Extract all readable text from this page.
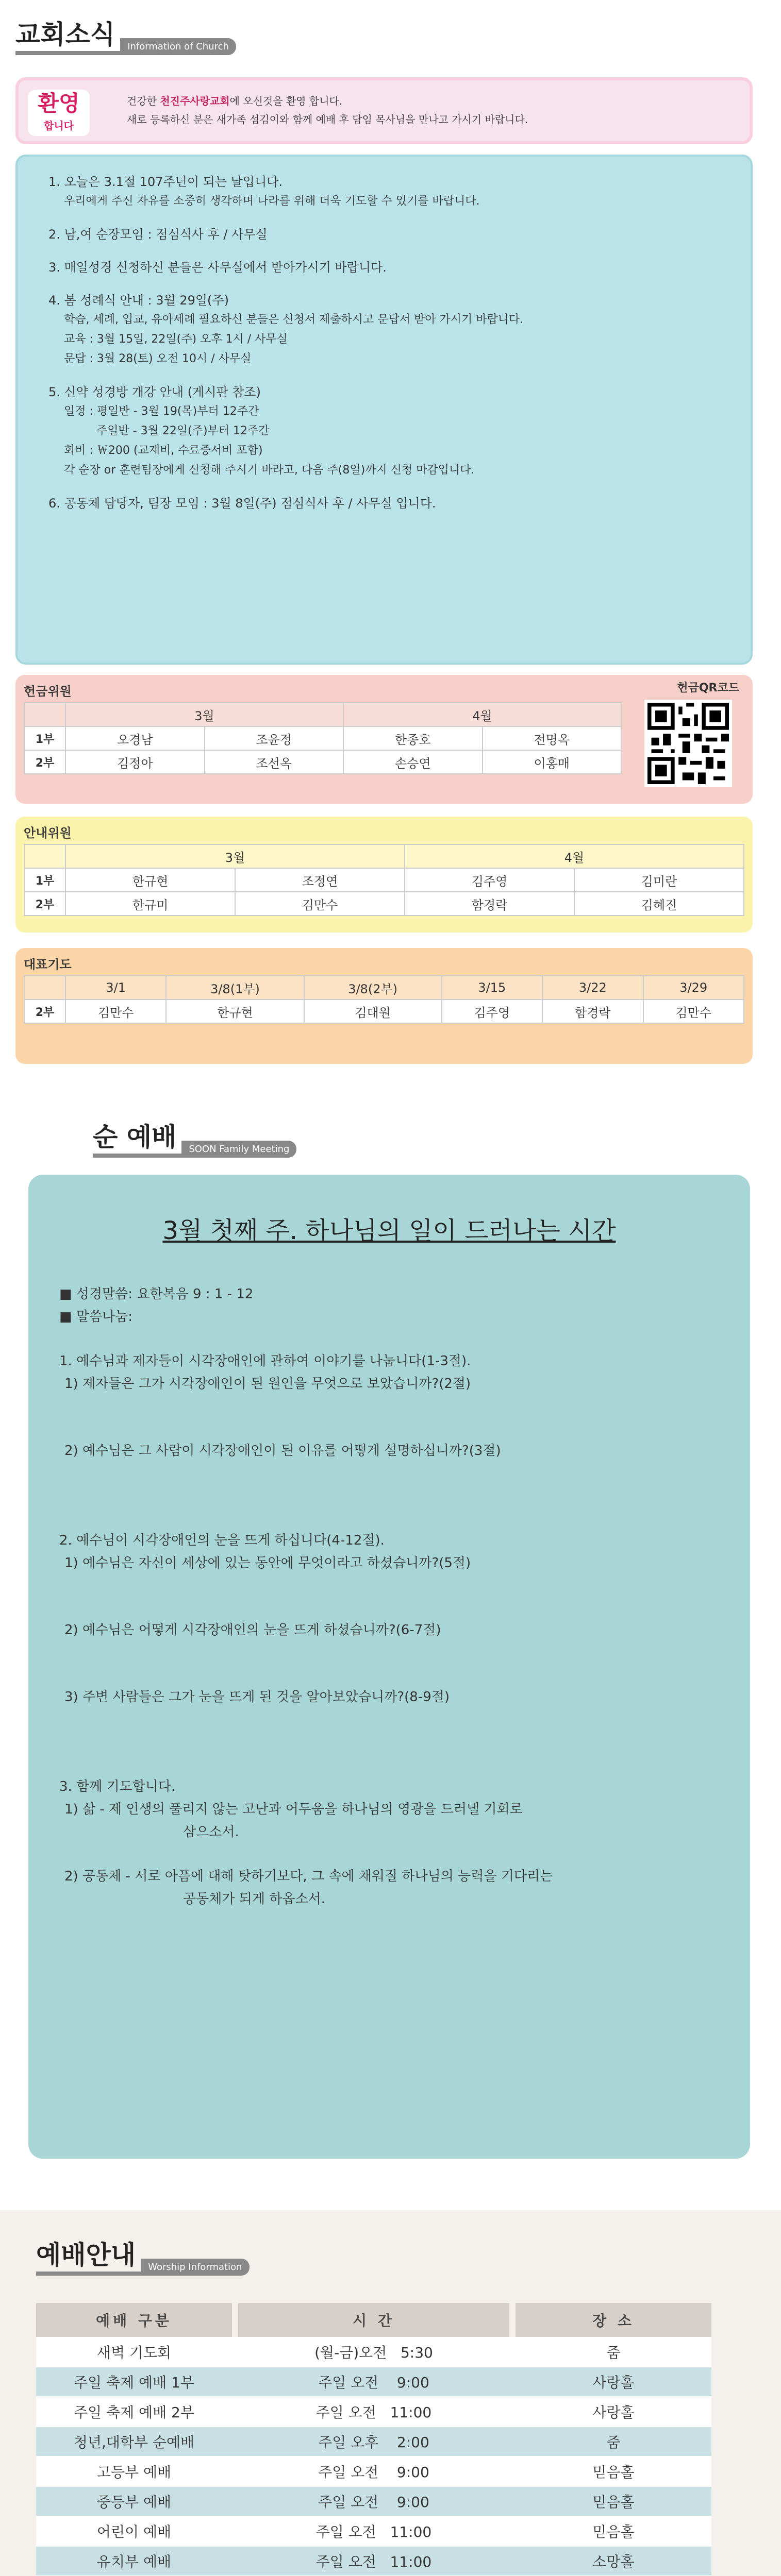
교회소식	Information of Church
환영
합니다
건강한 천진주사랑교회에 오신것을 환영 합니다.
새로 등록하신 분은 새가족 섬김이와 함께 예배 후 담임 목사님을 만나고 가시기 바랍니다.
1. 오늘은 3.1절 107주년이 되는 날입니다.
우리에게 주신 자유를 소중히 생각하며 나라를 위해 더욱 기도할 수 있기를 바랍니다.
2. 남,여 순장모임 : 점심식사 후 / 사무실
3. 매일성경 신청하신 분들은 사무실에서 받아가시기 바랍니다.
4. 봄 성례식 안내 : 3월 29일(주)
학습, 세례, 입교, 유아세례 필요하신 분들은 신청서 제출하시고 문답서 받아 가시기 바랍니다.
교육 : 3월 15일, 22일(주) 오후 1시 / 사무실
문답 : 3월 28(토) 오전 10시 / 사무실
5. 신약 성경방 개강 안내 (게시판 참조)
일정 : 평일반 - 3월 19(목)부터 12주간
주일반 - 3월 22일(주)부터 12주간
회비 : ￦200 (교재비, 수료증서비 포함)
각 순장 or 훈련팀장에게 신청해 주시기 바라고, 다음 주(8일)까지 신청 마감입니다.
6. 공동체 담당자, 팀장 모임 : 3월 8일(주) 점심식사 후 / 사무실 입니다.
헌금위원	헌금QR코드
	3월		4월	
1부	오경남	조윤정	한종호	전명옥
2부	김정아	조선옥	손승연	이홍매
안내위원
	3월		4월	
1부	한규현	조정연	김주영	김미란
2부	한규미	김만수	함경락	김혜진
대표기도
	3/1	3/8(1부)	3/8(2부)	3/15	3/22	3/29
2부	김만수	한규현	김대원	김주영	함경락	김만수
순 예배	SOON Family Meeting
3월 첫째 주. 하나님의 일이 드러나는 시간
■ 성경말씀: 요한복음 9 : 1 - 12
■ 말씀나눔:
1. 예수님과 제자들이 시각장애인에 관하여 이야기를 나눕니다(1-3절).
1) 제자들은 그가 시각장애인이 된 원인을 무엇으로 보았습니까?(2절)
2) 예수님은 그 사람이 시각장애인이 된 이유를 어떻게 설명하십니까?(3절)
2. 예수님이 시각장애인의 눈을 뜨게 하십니다(4-12절).
1) 예수님은 자신이 세상에 있는 동안에 무엇이라고 하셨습니까?(5절)
2) 예수님은 어떻게 시각장애인의 눈을 뜨게 하셨습니까?(6-7절)
3) 주변 사람들은 그가 눈을 뜨게 된 것을 알아보았습니까?(8-9절)
3. 함께 기도합니다.
1) 삶 - 제 인생의 풀리지 않는 고난과 어두움을 하나님의 영광을 드러낼 기회로
삼으소서.
2) 공동체 - 서로 아픔에 대해 탓하기보다, 그 속에 채워질 하나님의 능력을 기다리는
공동체가 되게 하옵소서.
예배안내	Worship Information
예배 구분		시 간		장 소
새벽 기도회		(월-금)오전   5:30		줌
주일 축제 예배 1부		주일 오전    9:00		사랑홀
주일 축제 예배 2부		주일 오전   11:00		사랑홀
청년,대학부 순예배		주일 오후    2:00		줌
고등부 예배		주일 오전    9:00		믿음홀
중등부 예배		주일 오전    9:00		믿음홀
어린이 예배		주일 오전   11:00		믿음홀
유치부 예배		주일 오전   11:00		소망홀
